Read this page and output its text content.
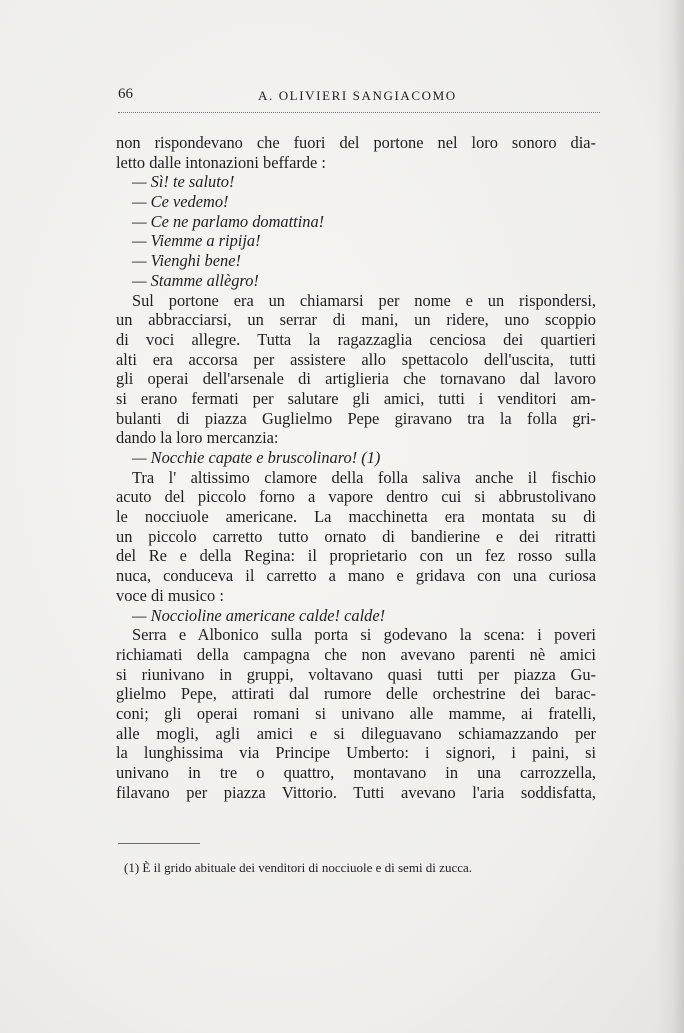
66	A. OLIVIERI SANGIACOMO
non rispondevano che fuori del portone nel loro sonoro dia-
letto dalle intonazioni beffarde :
— Sì! te saluto!
— Ce vedemo!
— Ce ne parlamo domattina!
— Viemme a ripija!
— Vienghi bene!
— Stamme allègro!
Sul portone era un chiamarsi per nome e un rispondersi,
un abbracciarsi, un serrar di mani, un ridere, uno scoppio
di voci allegre. Tutta la ragazzaglia cenciosa dei quartieri
alti era accorsa per assistere allo spettacolo dell'uscita, tutti
gli operai dell'arsenale di artiglieria che tornavano dal lavoro
si erano fermati per salutare gli amici, tutti i venditori am-
bulanti di piazza Guglielmo Pepe giravano tra la folla gri-
dando la loro mercanzia:
— Nocchie capate e bruscolinaro! (1)
Tra l' altissimo clamore della folla saliva anche il fischio
acuto del piccolo forno a vapore dentro cui si abbrustolivano
le nocciuole americane. La macchinetta era montata su di
un piccolo carretto tutto ornato di bandierine e dei ritratti
del Re e della Regina: il proprietario con un fez rosso sulla
nuca, conduceva il carretto a mano e gridava con una curiosa
voce di musico :
— Noccioline americane calde! calde!
Serra e Albonico sulla porta si godevano la scena: i poveri
richiamati della campagna che non avevano parenti nè amici
si riunivano in gruppi, voltavano quasi tutti per piazza Gu-
glielmo Pepe, attirati dal rumore delle orchestrine dei barac-
coni; gli operai romani si univano alle mamme, ai fratelli,
alle mogli, agli amici e si dileguavano schiamazzando per
la lunghissima via Principe Umberto: i signori, i paini, si
univano in tre o quattro, montavano in una carrozzella,
filavano per piazza Vittorio. Tutti avevano l'aria soddisfatta,
(1) È il grido abituale dei venditori di nocciuole e di semi di zucca.
